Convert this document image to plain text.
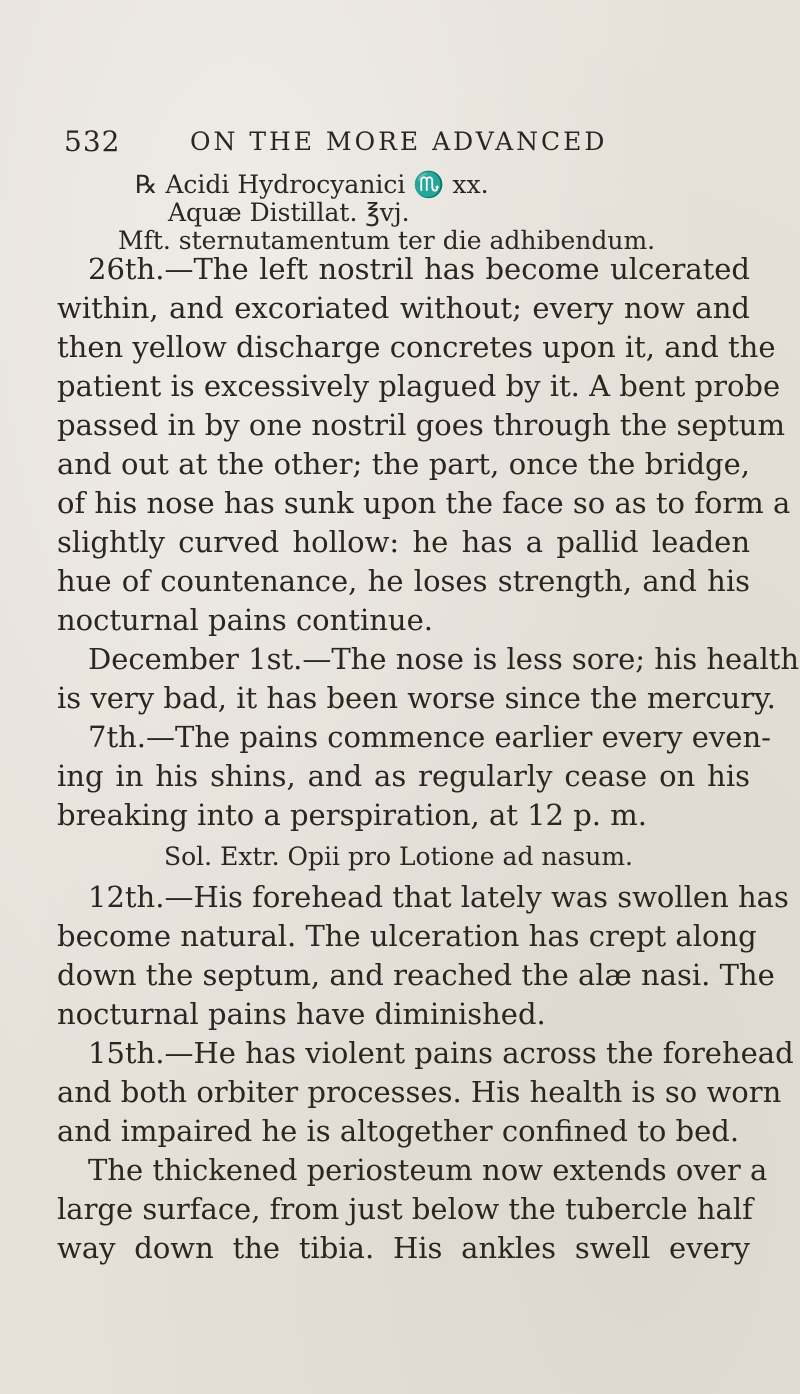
532	ON THE MORE ADVANCED
℞ Acidi Hydrocyanici ♏ xx.
Aquæ Distillat. ℥vj.
Mft. sternutamentum ter die adhibendum.
26th.—The left nostril has become ulcerated
within, and excoriated without; every now and
then yellow discharge concretes upon it, and the
patient is excessively plagued by it. A bent probe
passed in by one nostril goes through the septum
and out at the other; the part, once the bridge,
of his nose has sunk upon the face so as to form a
slightly curved hollow: he has a pallid leaden
hue of countenance, he loses strength, and his
nocturnal pains continue.
December 1st.—The nose is less sore; his health
is very bad, it has been worse since the mercury.
7th.—The pains commence earlier every even-
ing in his shins, and as regularly cease on his
breaking into a perspiration, at 12 p. m.
Sol. Extr. Opii pro Lotione ad nasum.
12th.—His forehead that lately was swollen has
become natural. The ulceration has crept along
down the septum, and reached the alæ nasi. The
nocturnal pains have diminished.
15th.—He has violent pains across the forehead
and both orbiter processes. His health is so worn
and impaired he is altogether confined to bed.
The thickened periosteum now extends over a
large surface, from just below the tubercle half
way down the tibia. His ankles swell every
